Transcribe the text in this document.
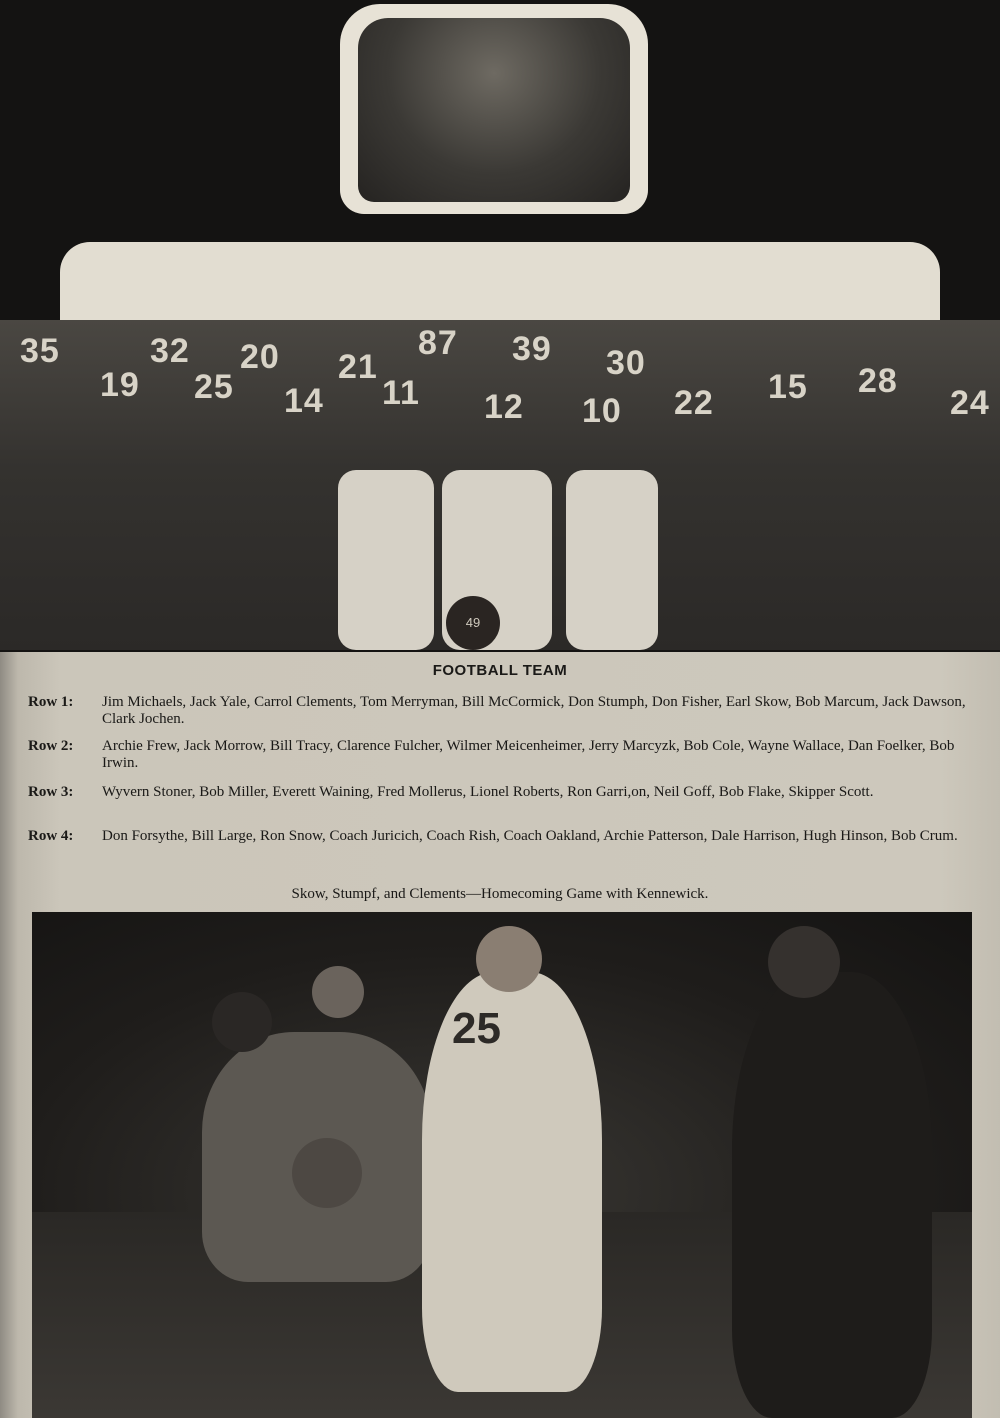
35	32 20 21
87 39 30
19 25 14 11 12 10 22 15 28
24
49
FOOTBALL TEAM
Row 1:	Jim Michaels, Jack Yale, Carrol Clements, Tom Merryman, Bill McCormick, Don Stumph, Don Fisher, Earl Skow, Bob Marcum, Jack Dawson, Clark Jochen.
Row 2:	Archie Frew, Jack Morrow, Bill Tracy, Clarence Fulcher, Wilmer Meicenheimer, Jerry Marcyzk, Bob Cole, Wayne Wallace, Dan Foelker, Bob Irwin.
Row 3:	Wyvern Stoner, Bob Miller, Everett Waining, Fred Mollerus, Lionel Roberts, Ron Garri,on, Neil Goff, Bob Flake, Skipper Scott.
Row 4:	Don Forsythe, Bill Large, Ron Snow, Coach Juricich, Coach Rish, Coach Oakland, Archie Patterson, Dale Harrison, Hugh Hinson, Bob Crum.
Skow, Stumpf, and Clements—Homecoming Game with Kennewick.
25
